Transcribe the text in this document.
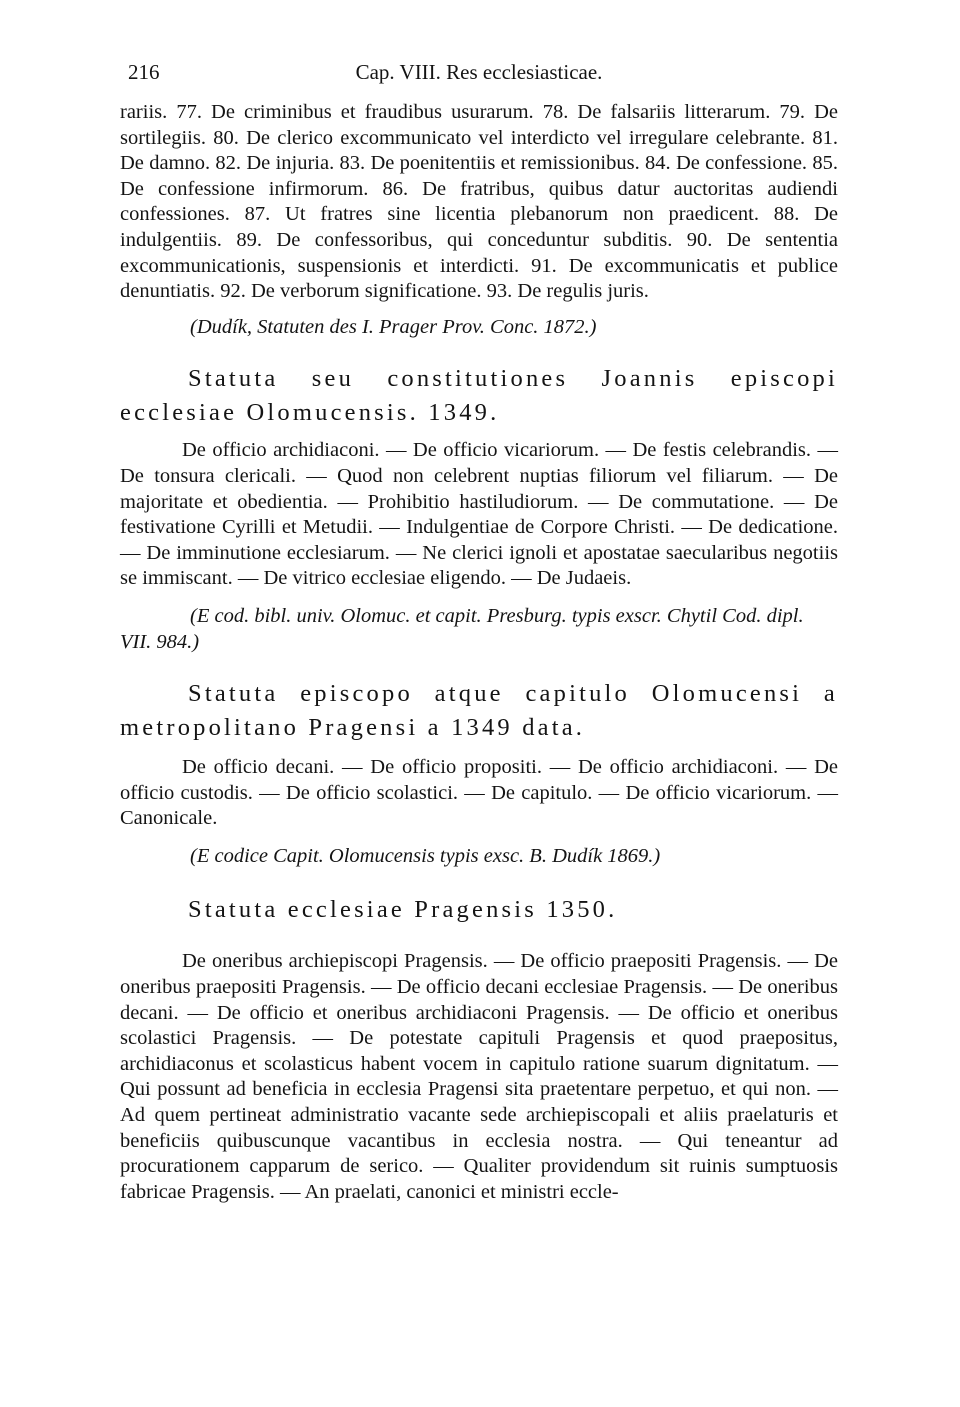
216	Cap. VIII. Res ecclesiasticae.

rariis. 77. De criminibus et fraudibus usurarum. 78. De falsariis litterarum. 79. De sortilegiis. 80. De clerico excommunicato vel interdicto vel irregulare celebrante. 81. De damno. 82. De injuria. 83. De poenitentiis et remissionibus. 84. De confessione. 85. De confessione infirmorum. 86. De fratribus, quibus datur auctoritas audiendi confessiones. 87. Ut fratres sine licentia plebanorum non praedicent. 88. De indulgentiis. 89. De confessoribus, qui conceduntur subditis. 90. De sententia excommunicationis, suspensionis et interdicti. 91. De excommunicatis et publice denuntiatis. 92. De verborum significatione. 93. De regulis juris.

(Dudík, Statuten des I. Prager Prov. Conc. 1872.)

Statuta seu constitutiones Joannis episcopi ecclesiae Olomucensis. 1349.

De officio archidiaconi. — De officio vicariorum. — De festis celebrandis. — De tonsura clericali. — Quod non celebrent nuptias filiorum vel filiarum. — De majoritate et obedientia. — Prohibitio hastiludiorum. — De commutatione. — De festivatione Cyrilli et Metudii. — Indulgentiae de Corpore Christi. — De dedicatione. — De imminutione ecclesiarum. — Ne clerici ignoli et apostatae saecularibus negotiis se immiscant. — De vitrico ecclesiae eligendo. — De Judaeis.

(E cod. bibl. univ. Olomuc. et capit. Presburg. typis exscr. Chytil Cod. dipl. VII. 984.)

Statuta episcopo atque capitulo Olomucensi a metropolitano Pragensi a 1349 data.

De officio decani. — De officio propositi. — De officio archidiaconi. — De officio custodis. — De officio scolastici. — De capitulo. — De officio vicariorum. — Canonicale.

(E codice Capit. Olomucensis typis exsc. B. Dudík 1869.)

Statuta ecclesiae Pragensis 1350.

De oneribus archiepiscopi Pragensis. — De officio praepositi Pragensis. — De oneribus praepositi Pragensis. — De officio decani ecclesiae Pragensis. — De oneribus decani. — De officio et oneribus archidiaconi Pragensis. — De officio et oneribus scolastici Pragensis. — De potestate capituli Pragensis et quod praepositus, archidiaconus et scolasticus habent vocem in capitulo ratione suarum dignitatum. — Qui possunt ad beneficia in ecclesia Pragensi sita praetentare perpetuo, et qui non. — Ad quem pertineat administratio vacante sede archiepiscopali et aliis praelaturis et beneficiis quibuscunque vacantibus in ecclesia nostra. — Qui teneantur ad procurationem capparum de serico. — Qualiter providendum sit ruinis sumptuosis fabricae Pragensis. — An praelati, canonici et ministri eccle-
